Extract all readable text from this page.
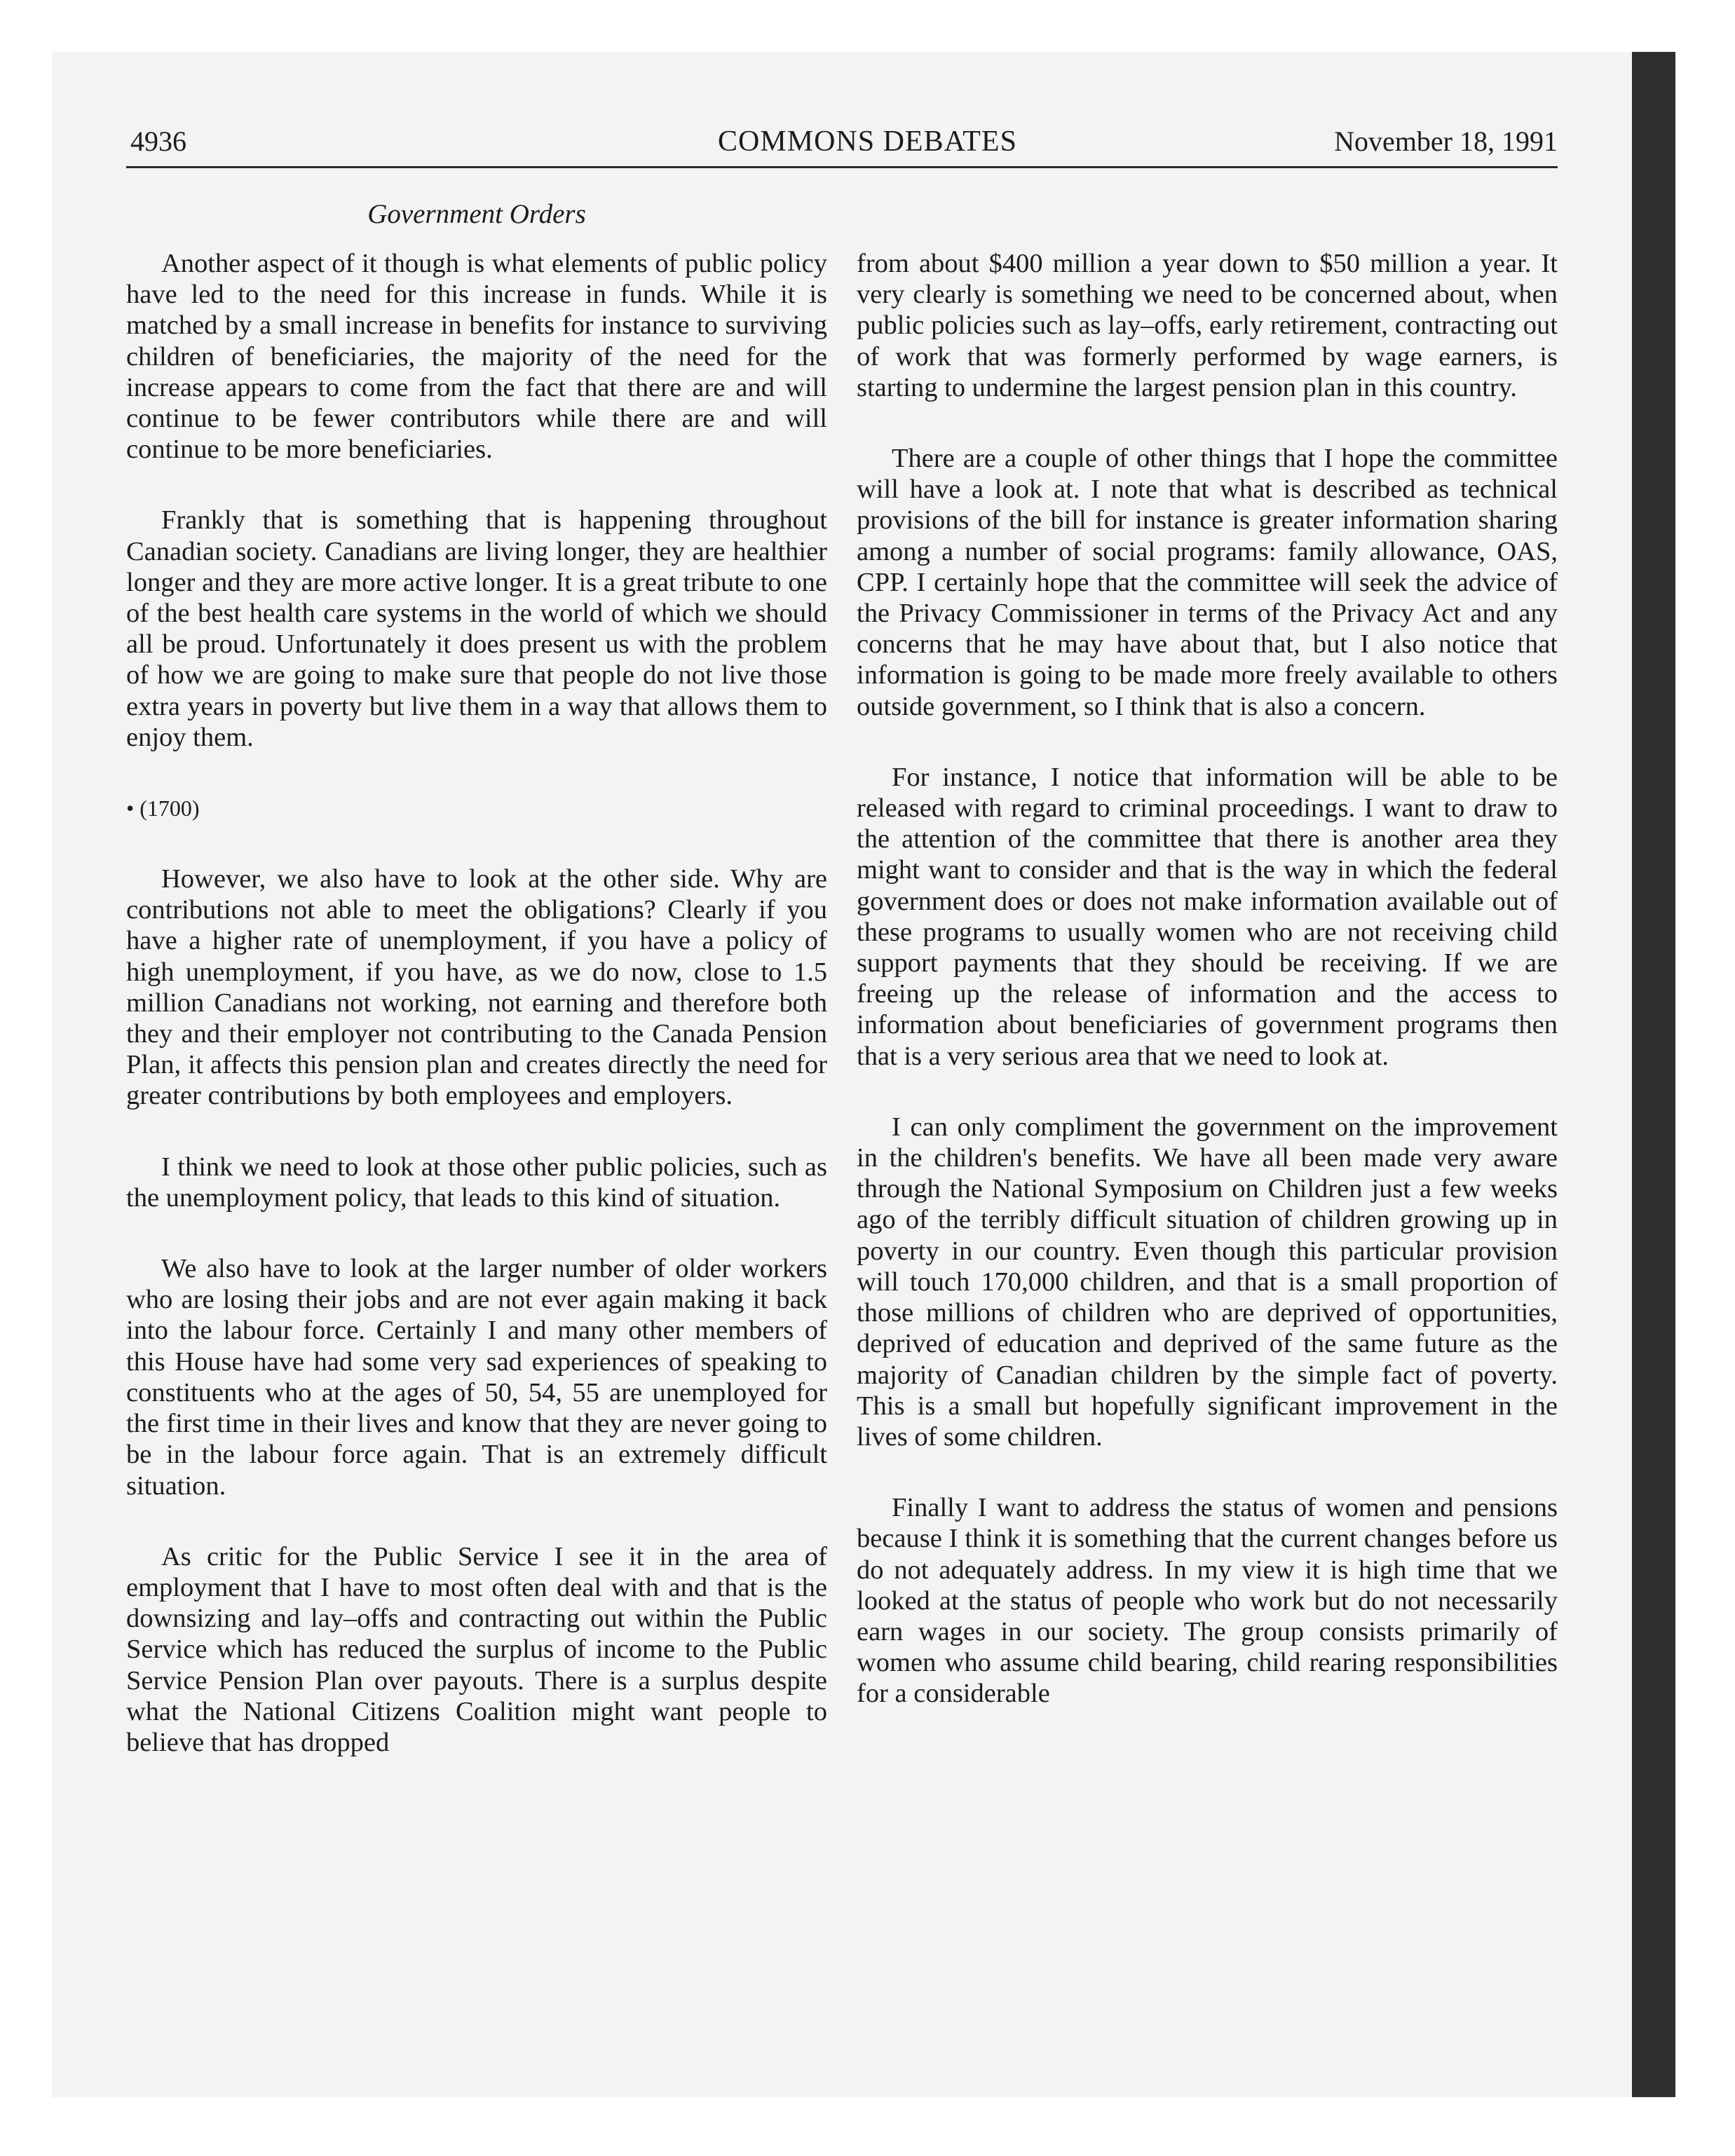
4936	COMMONS DEBATES	November 18, 1991
Government Orders

Another aspect of it though is what elements of public policy have led to the need for this increase in funds. While it is matched by a small increase in benefits for instance to surviving children of beneficiaries, the majority of the need for the increase appears to come from the fact that there are and will continue to be fewer contributors while there are and will continue to be more beneficiaries.

Frankly that is something that is happening throughout Canadian society. Canadians are living longer, they are healthier longer and they are more active longer. It is a great tribute to one of the best health care systems in the world of which we should all be proud. Unfortunately it does present us with the problem of how we are going to make sure that people do not live those extra years in poverty but live them in a way that allows them to enjoy them.

• (1700)

However, we also have to look at the other side. Why are contributions not able to meet the obligations? Clearly if you have a higher rate of unemployment, if you have a policy of high unemployment, if you have, as we do now, close to 1.5 million Canadians not working, not earning and therefore both they and their employer not contributing to the Canada Pension Plan, it affects this pension plan and creates directly the need for greater contributions by both employees and employers.

I think we need to look at those other public policies, such as the unemployment policy, that leads to this kind of situation.

We also have to look at the larger number of older workers who are losing their jobs and are not ever again making it back into the labour force. Certainly I and many other members of this House have had some very sad experiences of speaking to constituents who at the ages of 50, 54, 55 are unemployed for the first time in their lives and know that they are never going to be in the labour force again. That is an extremely difficult situation.

As critic for the Public Service I see it in the area of employment that I have to most often deal with and that is the downsizing and lay–offs and contracting out within the Public Service which has reduced the surplus of income to the Public Service Pension Plan over payouts. There is a surplus despite what the National Citizens Coalition might want people to believe that has dropped

from about $400 million a year down to $50 million a year. It very clearly is something we need to be concerned about, when public policies such as lay–offs, early retirement, contracting out of work that was formerly performed by wage earners, is starting to undermine the largest pension plan in this country.

There are a couple of other things that I hope the committee will have a look at. I note that what is described as technical provisions of the bill for instance is greater information sharing among a number of social programs: family allowance, OAS, CPP. I certainly hope that the committee will seek the advice of the Privacy Commissioner in terms of the Privacy Act and any concerns that he may have about that, but I also notice that information is going to be made more freely available to others outside government, so I think that is also a concern.

For instance, I notice that information will be able to be released with regard to criminal proceedings. I want to draw to the attention of the committee that there is another area they might want to consider and that is the way in which the federal government does or does not make information available out of these programs to usually women who are not receiving child support payments that they should be receiving. If we are freeing up the release of information and the access to information about beneficiaries of government programs then that is a very serious area that we need to look at.

I can only compliment the government on the improvement in the children's benefits. We have all been made very aware through the National Symposium on Children just a few weeks ago of the terribly difficult situation of children growing up in poverty in our country. Even though this particular provision will touch 170,000 children, and that is a small proportion of those millions of children who are deprived of opportunities, deprived of education and deprived of the same future as the majority of Canadian children by the simple fact of poverty. This is a small but hopefully significant improvement in the lives of some children.

Finally I want to address the status of women and pensions because I think it is something that the current changes before us do not adequately address. In my view it is high time that we looked at the status of people who work but do not necessarily earn wages in our society. The group consists primarily of women who assume child bearing, child rearing responsibilities for a considerable
